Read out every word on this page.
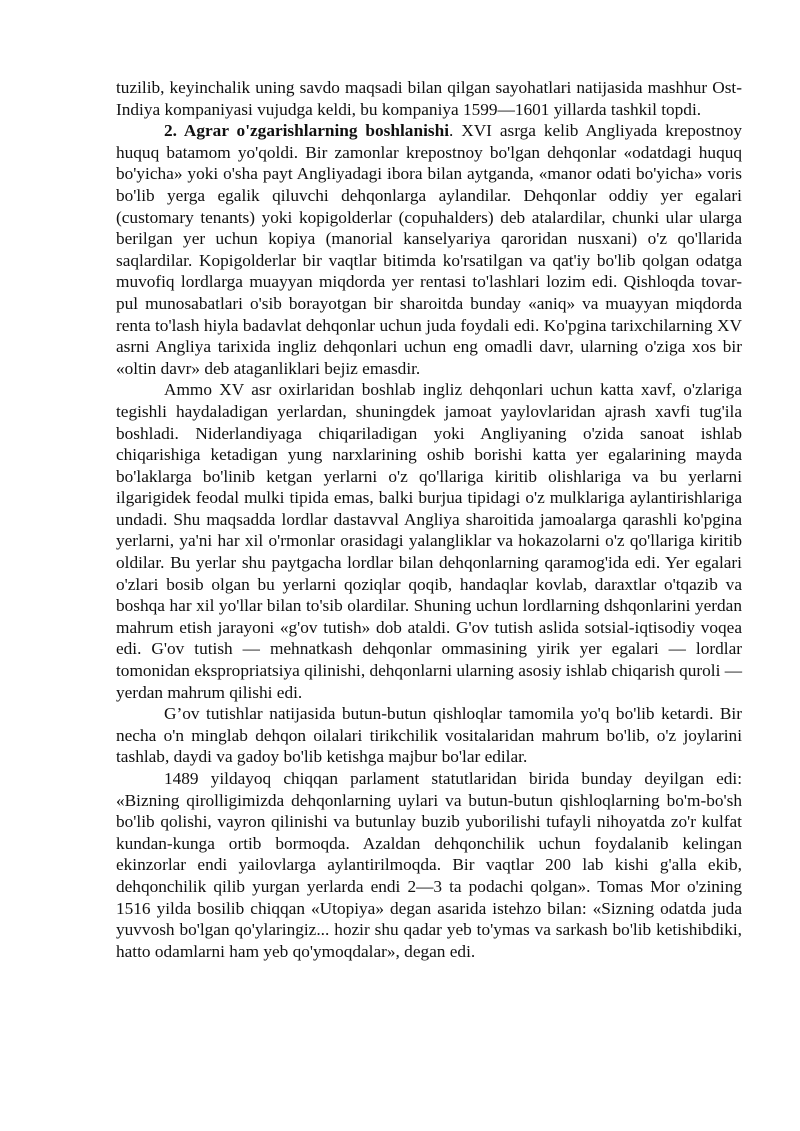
tuzilib, keyinchalik uning savdo maqsadi bilan qilgan sayohatlari natijasida mashhur Ost-Indiya kompaniyasi vujudga keldi, bu kompaniya 1599—1601 yillarda tashkil topdi.

2. Agrar o'zgarishlarning boshlanishi. XVI asrga kelib Angliyada krepostnoy huquq batamom yo'qoldi. Bir zamonlar krepostnoy bo'lgan dehqonlar «odatdagi huquq bo'yicha» yoki o'sha payt Angliyadagi ibora bilan aytganda, «manor odati bo'yicha» voris bo'lib yerga egalik qiluvchi dehqonlarga aylandilar. Dehqonlar oddiy yer egalari (customary tenants) yoki kopigolderlar (copuhalders) deb atalardilar, chunki ular ularga berilgan yer uchun kopiya (manorial kanselyariya qaroridan nusxani) o'z qo'llarida saqlardilar. Kopigolderlar bir vaqtlar bitimda ko'rsatilgan va qat'iy bo'lib qolgan odatga muvofiq lordlarga muayyan miqdorda yer rentasi to'lashlari lozim edi. Qishloqda tovar-pul munosabatlari o'sib borayotgan bir sharoitda bunday «aniq» va muayyan miqdorda renta to'lash hiyla badavlat dehqonlar uchun juda foydali edi. Ko'pgina tarixchilarning XV asrni Angliya tarixida ingliz dehqonlari uchun eng omadli davr, ularning o'ziga xos bir «oltin davr» deb ataganliklari bejiz emasdir.

Ammo XV asr oxirlaridan boshlab ingliz dehqonlari uchun katta xavf, o'zlariga tegishli haydaladigan yerlardan, shuningdek jamoat yaylovlaridan ajrash xavfi tug'ila boshladi. Niderlandiyaga chiqariladigan yoki Angliyaning o'zida sanoat ishlab chiqarishiga ketadigan yung narxlarining oshib borishi katta yer egalarining mayda bo'laklarga bo'linib ketgan yerlarni o'z qo'llariga kiritib olishlariga va bu yerlarni ilgarigidek feodal mulki tipida emas, balki burjua tipidagi o'z mulklariga aylantirishlariga undadi. Shu maqsadda lordlar dastavval Angliya sharoitida jamoalarga qarashli ko'pgina yerlarni, ya'ni har xil o'rmonlar orasidagi yalangliklar va hokazolarni o'z qo'llariga kiritib oldilar. Bu yerlar shu paytgacha lordlar bilan dehqonlarning qaramog'ida edi. Yer egalari o'zlari bosib olgan bu yerlarni qoziqlar qoqib, handaqlar kovlab, daraxtlar o'tqazib va boshqa har xil yo'llar bilan to'sib olardilar. Shuning uchun lordlarning dshqonlarini yerdan mahrum etish jarayoni «g'ov tutish» dob ataldi. G'ov tutish aslida sotsial-iqtisodiy voqea edi. G'ov tutish — mehnatkash dehqonlar ommasining yirik yer egalari — lordlar tomonidan ekspropriatsiya qilinishi, dehqonlarni ularning asosiy ishlab chiqarish quroli — yerdan mahrum qilishi edi.

G’ov tutishlar natijasida butun-butun qishloqlar tamomila yo'q bo'lib ketardi. Bir necha o'n minglab dehqon oilalari tirikchilik vositalaridan mahrum bo'lib, o'z joylarini tashlab, daydi va gadoy bo'lib ketishga majbur bo'lar edilar.

1489 yildayoq chiqqan parlament statutlaridan birida bunday deyilgan edi: «Bizning qirolligimizda dehqonlarning uylari va butun-butun qishloqlarning bo'm-bo'sh bo'lib qolishi, vayron qilinishi va butunlay buzib yuborilishi tufayli nihoyatda zo'r kulfat kundan-kunga ortib bormoqda. Azaldan dehqonchilik uchun foydalanib kelingan ekinzorlar endi yailovlarga aylantirilmoqda. Bir vaqtlar 200 lab kishi g'alla ekib, dehqonchilik qilib yurgan yerlarda endi 2—3 ta podachi qolgan». Tomas Mor o'zining 1516 yilda bosilib chiqqan «Utopiya» degan asarida istehzo bilan: «Sizning odatda juda yuvvosh bo'lgan qo'ylaringiz... hozir shu qadar yeb to'ymas va sarkash bo'lib ketishibdiki, hatto odamlarni ham yeb qo'ymoqdalar», degan edi.
